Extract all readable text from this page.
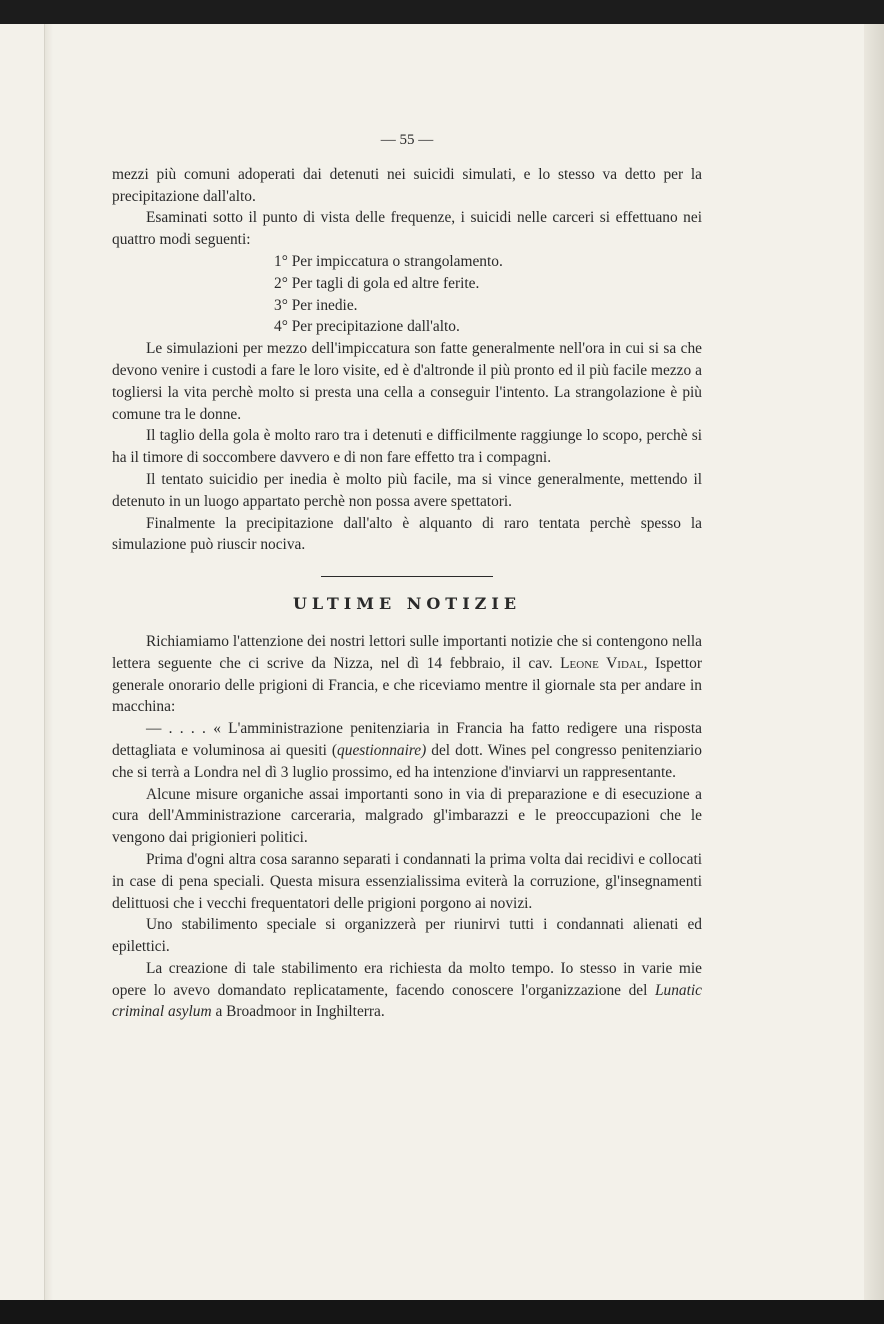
— 55 —

mezzi più comuni adoperati dai detenuti nei suicidi simulati, e lo stesso va detto per la precipitazione dall'alto.

Esaminati sotto il punto di vista delle frequenze, i suicidi nelle carceri si effettuano nei quattro modi seguenti:

1° Per impiccatura o strangolamento.
2° Per tagli di gola ed altre ferite.
3° Per inedie.
4° Per precipitazione dall'alto.

Le simulazioni per mezzo dell'impiccatura son fatte generalmente nell'ora in cui si sa che devono venire i custodi a fare le loro visite, ed è d'altronde il più pronto ed il più facile mezzo a togliersi la vita perchè molto si presta una cella a conseguir l'intento. La strangolazione è più comune tra le donne.

Il taglio della gola è molto raro tra i detenuti e difficilmente raggiunge lo scopo, perchè si ha il timore di soccombere davvero e di non fare effetto tra i compagni.

Il tentato suicidio per inedia è molto più facile, ma si vince generalmente, mettendo il detenuto in un luogo appartato perchè non possa avere spettatori.

Finalmente la precipitazione dall'alto è alquanto di raro tentata perchè spesso la simulazione può riuscir nociva.

ULTIME NOTIZIE

Richiamiamo l'attenzione dei nostri lettori sulle importanti notizie che si contengono nella lettera seguente che ci scrive da Nizza, nel dì 14 febbraio, il cav. Leone Vidal, Ispettor generale onorario delle prigioni di Francia, e che riceviamo mentre il giornale sta per andare in macchina:

— . . . . « L'amministrazione penitenziaria in Francia ha fatto redigere una risposta dettagliata e voluminosa ai quesiti (questionnaire) del dott. Wines pel congresso penitenziario che si terrà a Londra nel dì 3 luglio prossimo, ed ha intenzione d'inviarvi un rappresentante.

Alcune misure organiche assai importanti sono in via di preparazione e di esecuzione a cura dell'Amministrazione carceraria, malgrado gl'imbarazzi e le preoccupazioni che le vengono dai prigionieri politici.

Prima d'ogni altra cosa saranno separati i condannati la prima volta dai recidivi e collocati in case di pena speciali. Questa misura essenzialissima eviterà la corruzione, gl'insegnamenti delittuosi che i vecchi frequentatori delle prigioni porgono ai novizi.

Uno stabilimento speciale si organizzerà per riunirvi tutti i condannati alienati ed epilettici.

La creazione di tale stabilimento era richiesta da molto tempo. Io stesso in varie mie opere lo avevo domandato replicatamente, facendo conoscere l'organizzazione del Lunatic criminal asylum a Broadmoor in Inghilterra.
